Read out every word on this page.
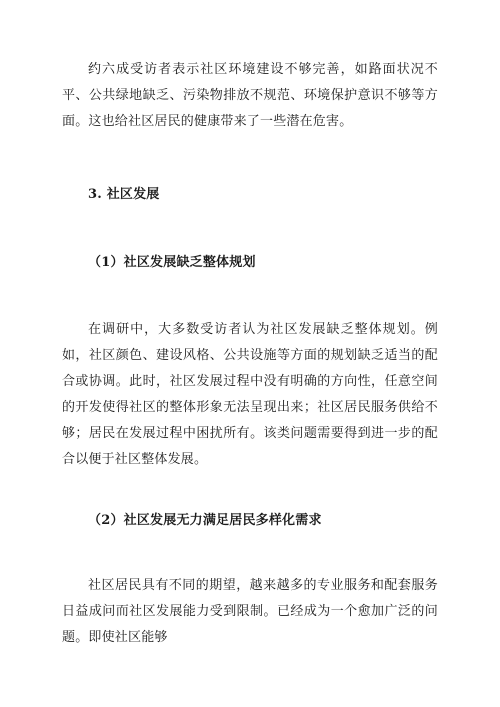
约六成受访者表示社区环境建设不够完善，如路面状况不平、公共绿地缺乏、污染物排放不规范、环境保护意识不够等方面。这也给社区居民的健康带来了一些潜在危害。

3. 社区发展
（1）社区发展缺乏整体规划

在调研中，大多数受访者认为社区发展缺乏整体规划。例如，社区颜色、建设风格、公共设施等方面的规划缺乏适当的配合或协调。此时，社区发展过程中没有明确的方向性，任意空间的开发使得社区的整体形象无法呈现出来；社区居民服务供给不够；居民在发展过程中困扰所有。该类问题需要得到进一步的配合以便于社区整体发展。

（2）社区发展无力满足居民多样化需求

社区居民具有不同的期望，越来越多的专业服务和配套服务日益成问而社区发展能力受到限制。已经成为一个愈加广泛的问题。即使社区能够
